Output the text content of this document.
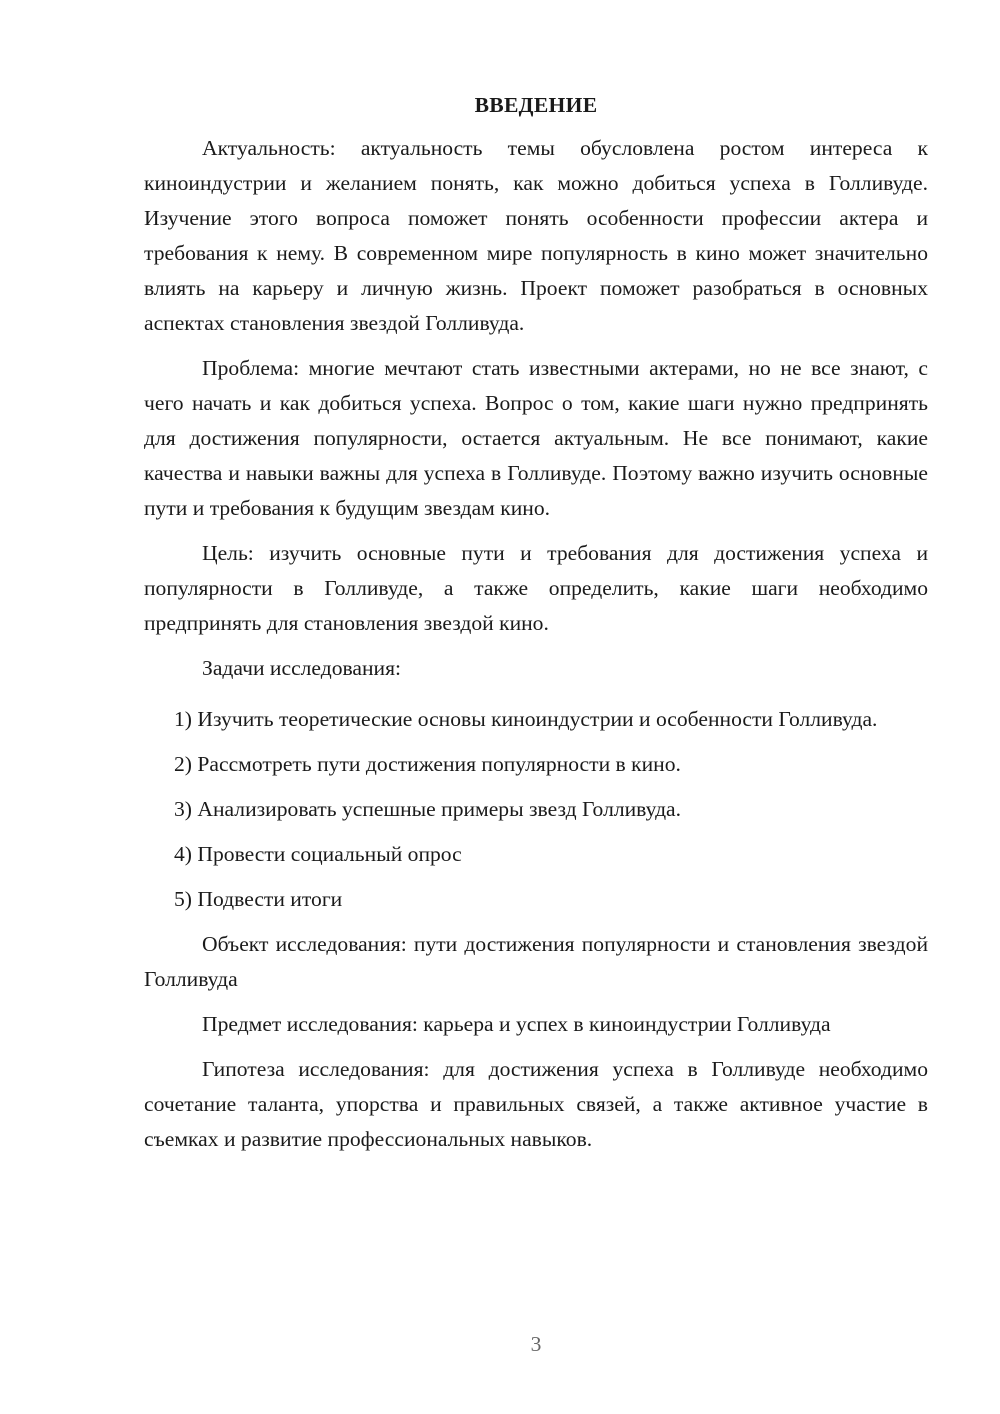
ВВЕДЕНИЕ

Актуальность: актуальность темы обусловлена ростом интереса к киноиндустрии и желанием понять, как можно добиться успеха в Голливуде. Изучение этого вопроса поможет понять особенности профессии актера и требования к нему. В современном мире популярность в кино может значительно влиять на карьеру и личную жизнь. Проект поможет разобраться в основных аспектах становления звездой Голливуда.

Проблема: многие мечтают стать известными актерами, но не все знают, с чего начать и как добиться успеха. Вопрос о том, какие шаги нужно предпринять для достижения популярности, остается актуальным. Не все понимают, какие качества и навыки важны для успеха в Голливуде. Поэтому важно изучить основные пути и требования к будущим звездам кино.

Цель: изучить основные пути и требования для достижения успеха и популярности в Голливуде, а также определить, какие шаги необходимо предпринять для становления звездой кино.

Задачи исследования:

1) Изучить теоретические основы киноиндустрии и особенности Голливуда.

2) Рассмотреть пути достижения популярности в кино.

3) Анализировать успешные примеры звезд Голливуда.

4) Провести социальный опрос

5) Подвести итоги

Объект исследования: пути достижения популярности и становления звездой Голливуда

Предмет исследования: карьера и успех в киноиндустрии Голливуда

Гипотеза исследования: для достижения успеха в Голливуде необходимо сочетание таланта, упорства и правильных связей, а также активное участие в съемках и развитие профессиональных навыков.

3
